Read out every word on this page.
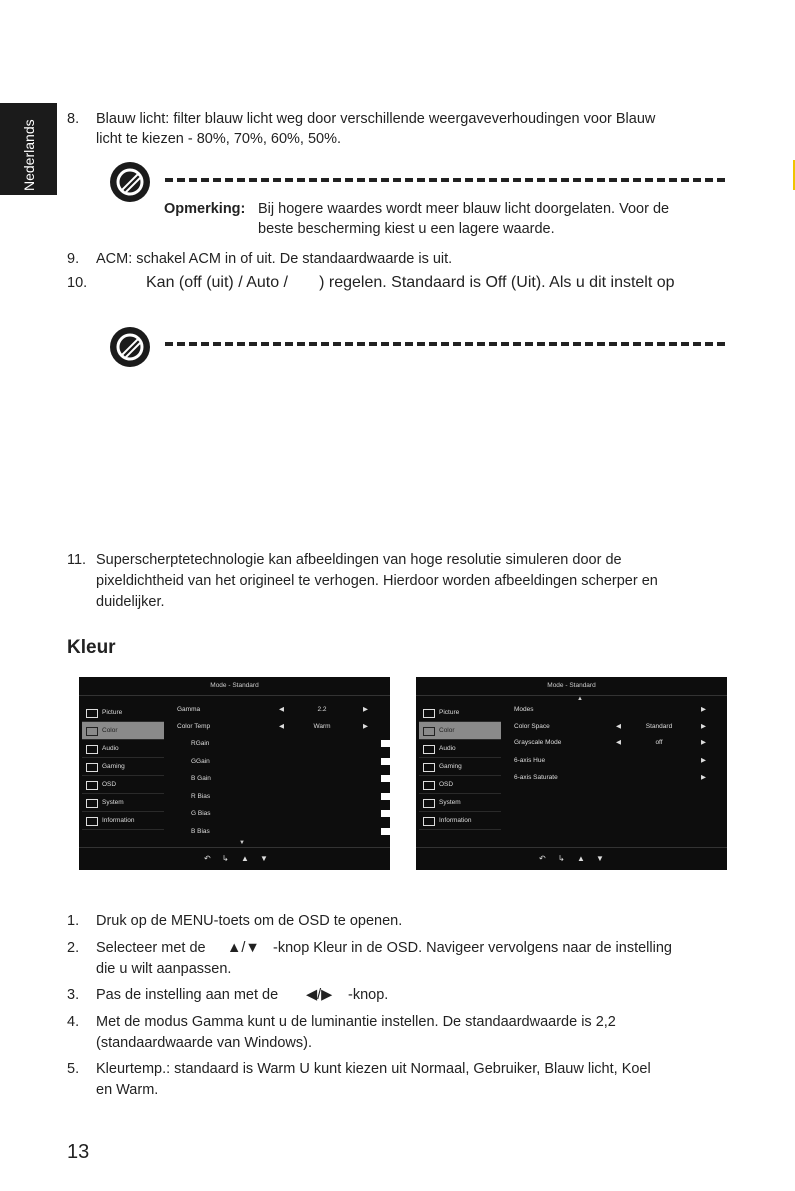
Nederlands
8. Blauw licht: filter blauw licht weg door verschillende weergaveverhoudingen voor Blauw
licht te kiezen - 80%, 70%, 60%, 50%.
Opmerking: Bij hogere waardes wordt meer blauw licht doorgelaten. Voor de
beste bescherming kiest u een lagere waarde.
9. ACM: schakel ACM in of uit. De standaardwaarde is uit.
10.	Kan (off (uit) / Auto /       ) regelen. Standaard is Off (Uit). Als u dit instelt op
11. Superscherptetechnologie kan afbeeldingen van hoge resolutie simuleren door de
pixeldichtheid van het origineel te verhogen. Hierdoor worden afbeeldingen scherper en
duidelijker.
Kleur
Mode - Standard
Picture
Color
Audio
Gaming
OSD
System
Information
Gamma	◀	2.2	▶
Color Temp	◀	Warm	▶
RGain
GGain
B Gain
R Bias
G Bias
B Bias
▼
↶ ↳ ▲ ▼
Mode - Standard
▲
Picture
Color
Audio
Gaming
OSD
System
Information
Modes	▶
Color Space	◀	Standard	▶
Grayscale Mode	◀	off	▶
6-axis Hue	▶
6-axis Saturate	▶
↶ ↳ ▲ ▼
1. Druk op de MENU-toets om de OSD te openen.
2. Selecteer met de ▲/▼ -knop Kleur in de OSD. Navigeer vervolgens naar de instelling
die u wilt aanpassen.
3. Pas de instelling aan met de ◀/▶ -knop.
4. Met de modus Gamma kunt u de luminantie instellen. De standaardwaarde is 2,2
(standaardwaarde van Windows).
5. Kleurtemp.: standaard is Warm U kunt kiezen uit Normaal, Gebruiker, Blauw licht, Koel
en Warm.
13
